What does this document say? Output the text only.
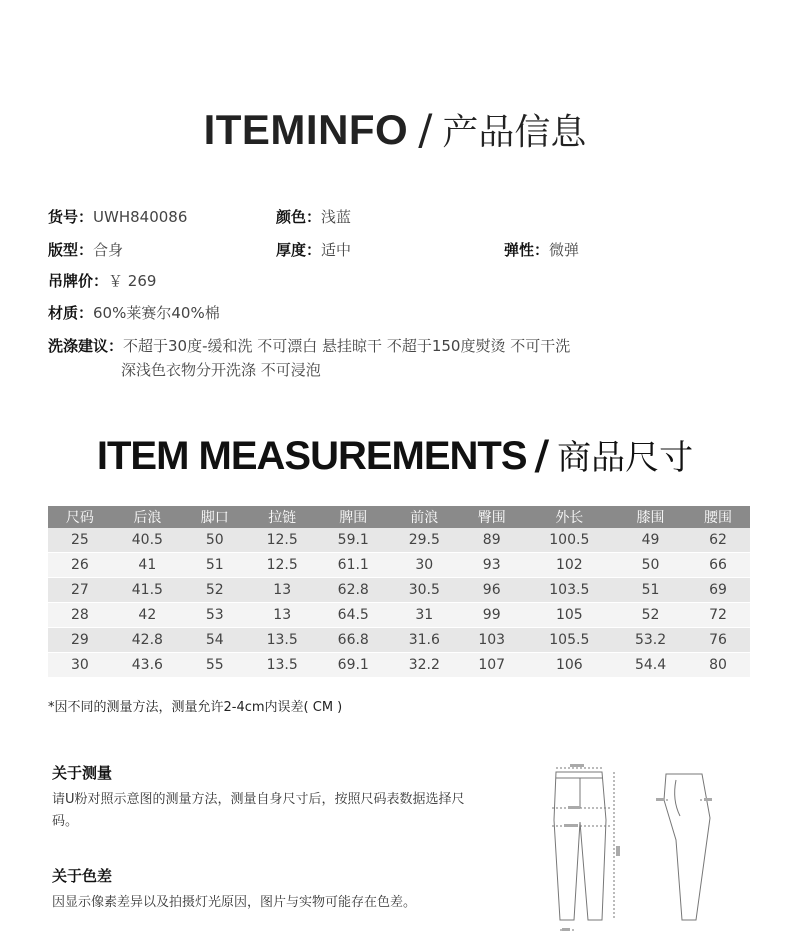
ITEMINFO / 产品信息
货号：UWH840086	颜色：浅蓝
版型：合身	厚度：适中	弹性：微弹
吊牌价：￥ 269
材质：60%莱赛尔40%棉
洗涤建议：不超于30度-缓和洗 不可漂白 悬挂晾干 不超于150度熨烫 不可干洗
深浅色衣物分开洗涤 不可浸泡
ITEM MEASUREMENTS / 商品尺寸
尺码	后浪	脚口	拉链	脾围	前浪	臀围	外长	膝围	腰围
25	40.5	50	12.5	59.1	29.5	89	100.5	49	62
26	41	51	12.5	61.1	30	93	102	50	66
27	41.5	52	13	62.8	30.5	96	103.5	51	69
28	42	53	13	64.5	31	99	105	52	72
29	42.8	54	13.5	66.8	31.6	103	105.5	53.2	76
30	43.6	55	13.5	69.1	32.2	107	106	54.4	80
*因不同的测量方法，测量允许2-4cm内误差( CM )
关于测量
请U粉对照示意图的测量方法，测量自身尺寸后，按照尺码表数据选择尺码。
关于色差
因显示像素差异以及拍摄灯光原因，图片与实物可能存在色差。
